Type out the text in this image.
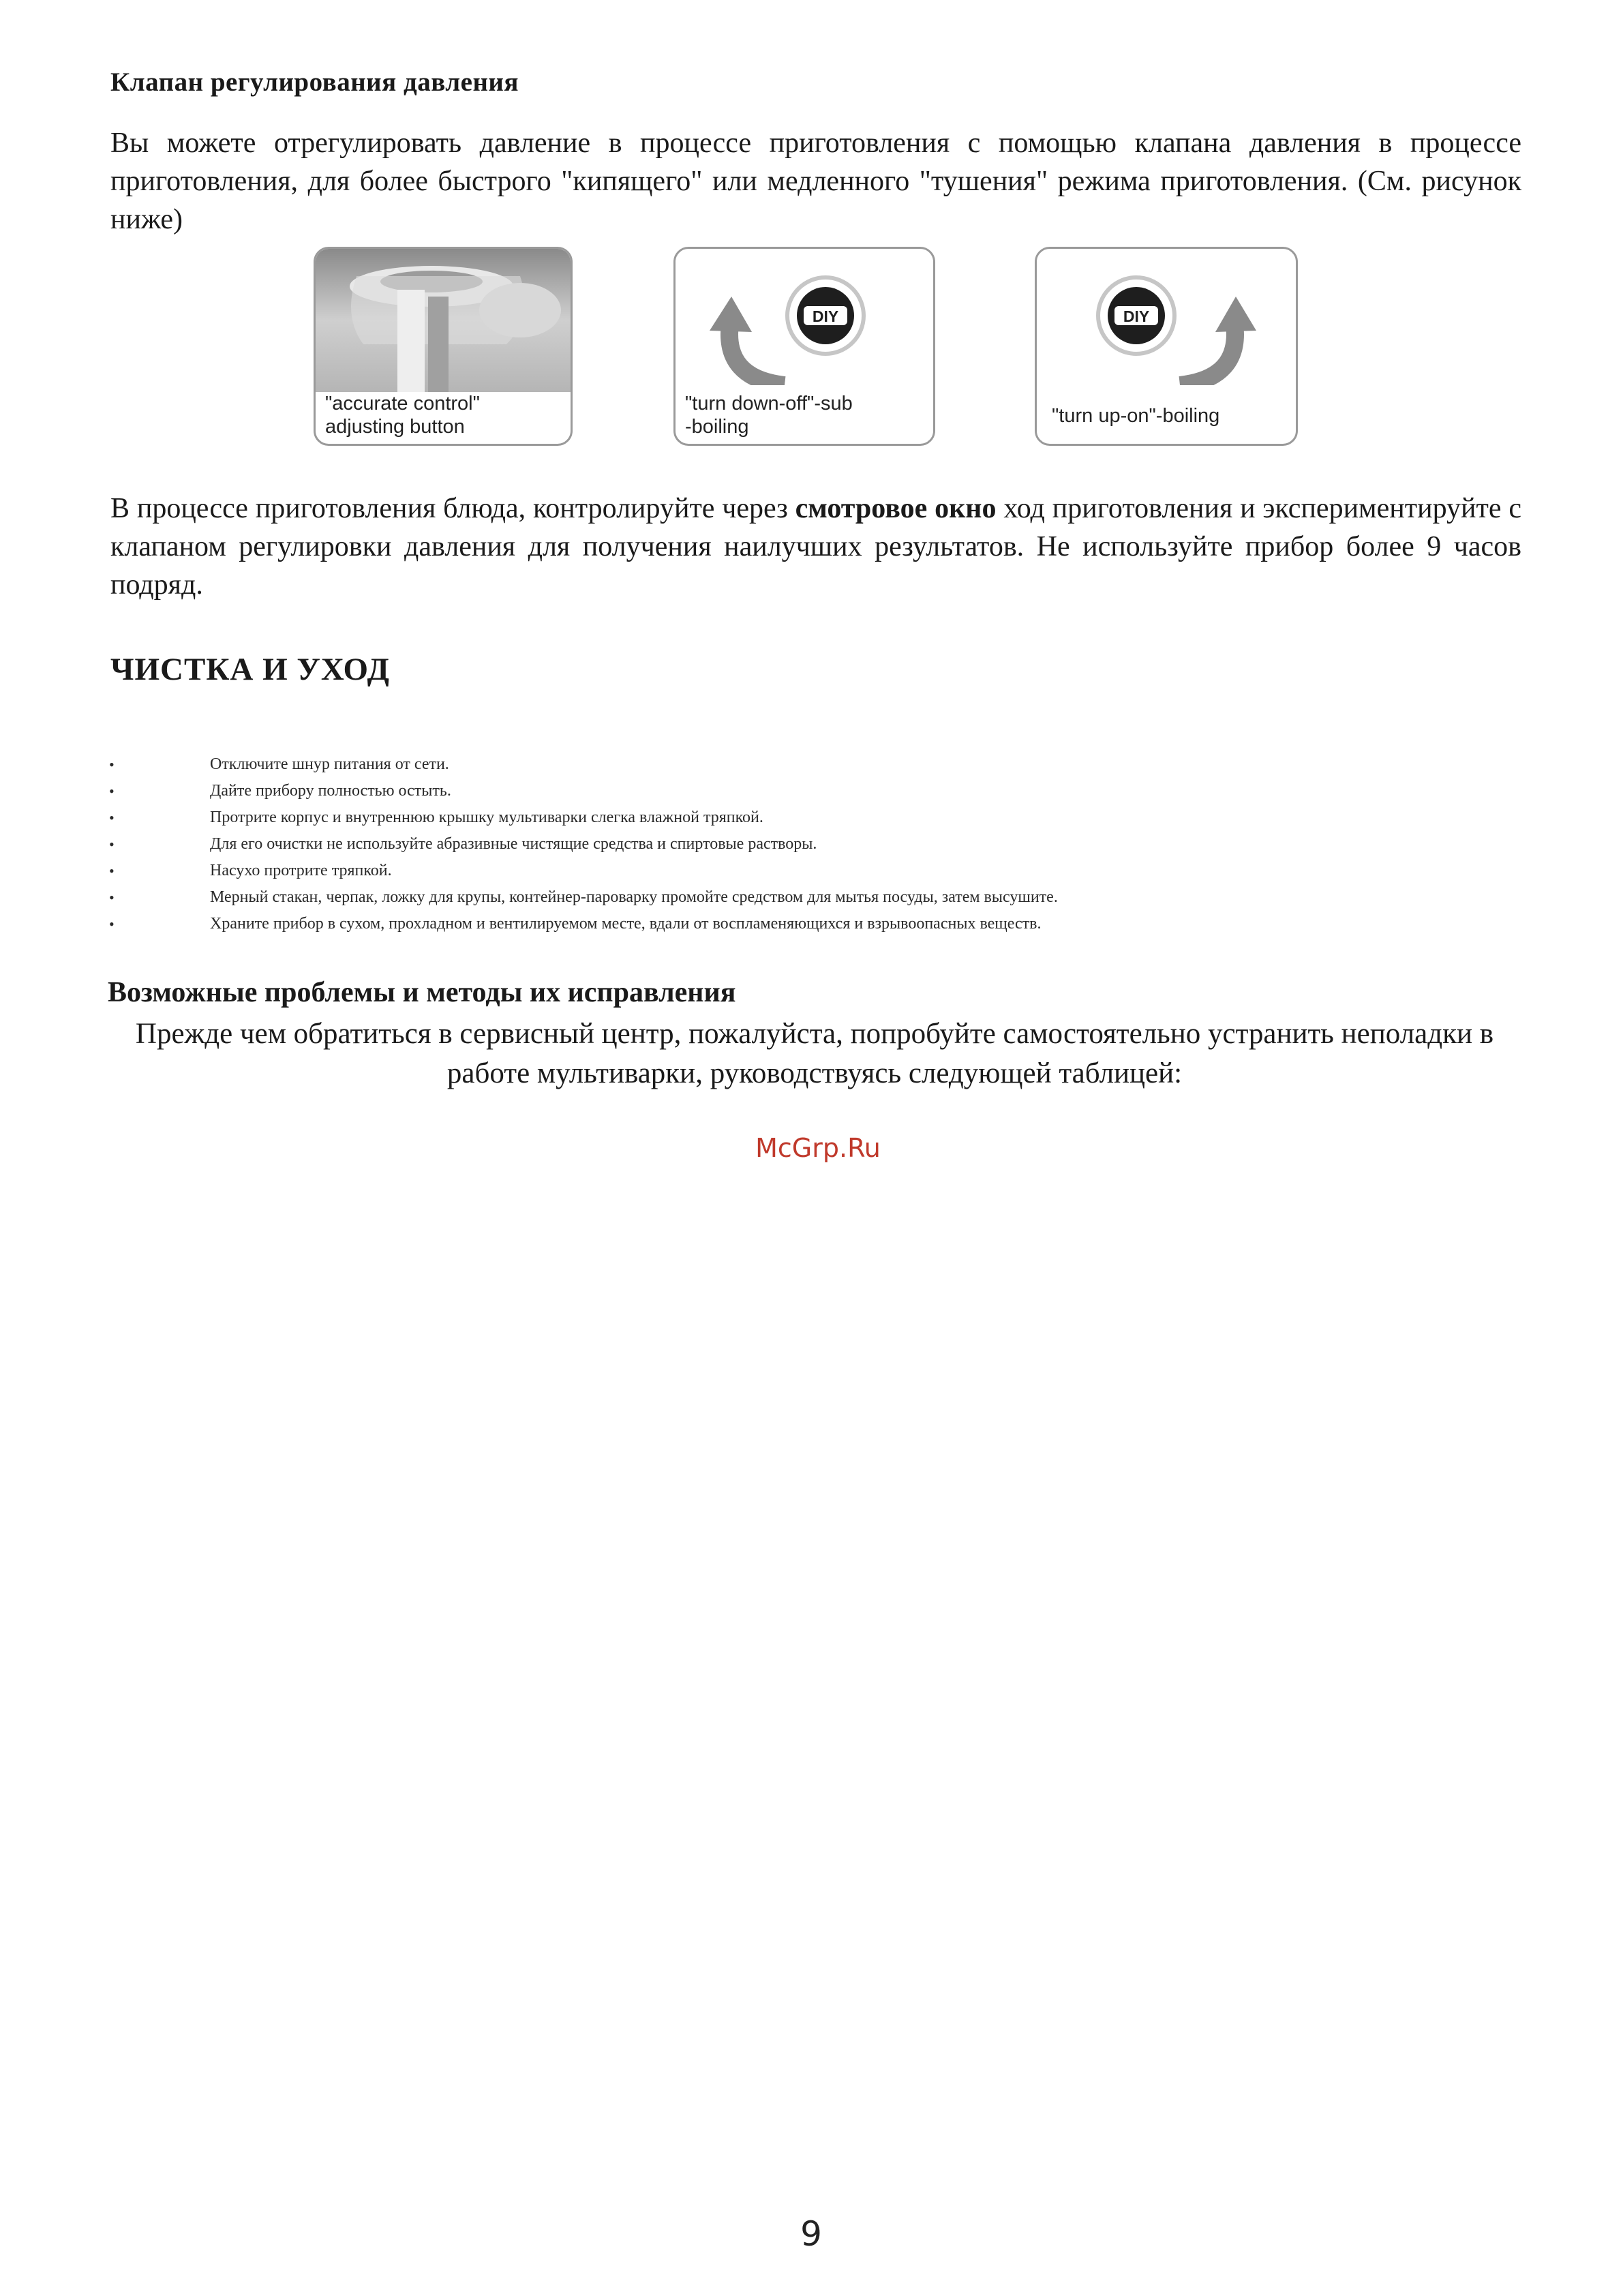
Клапан регулирования давления

Вы можете отрегулировать давление в процессе приготовления с помощью клапана давления в процессе приготовления, для более быстрого "кипящего" или медленного "тушения" режима приготовления. (См. рисунок ниже)

"accurate control"
adjusting button
DIY
"turn down-off"-sub
-boiling
DIY
"turn up-on"-boiling

В процессе приготовления блюда, контролируйте через смотровое окно ход приготовления и экспериментируйте с клапаном регулировки давления для получения наилучших результатов. Не используйте прибор более 9 часов подряд.

ЧИСТКА И УХОД
•	Отключите шнур питания от сети.
•	Дайте прибору полностью остыть.
•	Протрите корпус и внутреннюю крышку мультиварки слегка влажной тряпкой.
•	Для его очистки не используйте абразивные чистящие средства и спиртовые растворы.
•	Насухо протрите тряпкой.
•	Мерный стакан, черпак, ложку для крупы, контейнер-пароварку промойте средством для мытья посуды, затем высушите.
•	Храните прибор в сухом, прохладном и вентилируемом месте, вдали от воспламеняющихся и взрывоопасных веществ.
Возможные проблемы и методы их исправления

Прежде чем обратиться в сервисный центр, пожалуйста, попробуйте самостоятельно устранить неполадки в работе мультиварки, руководствуясь следующей таблицей:

McGrp.Ru
9
